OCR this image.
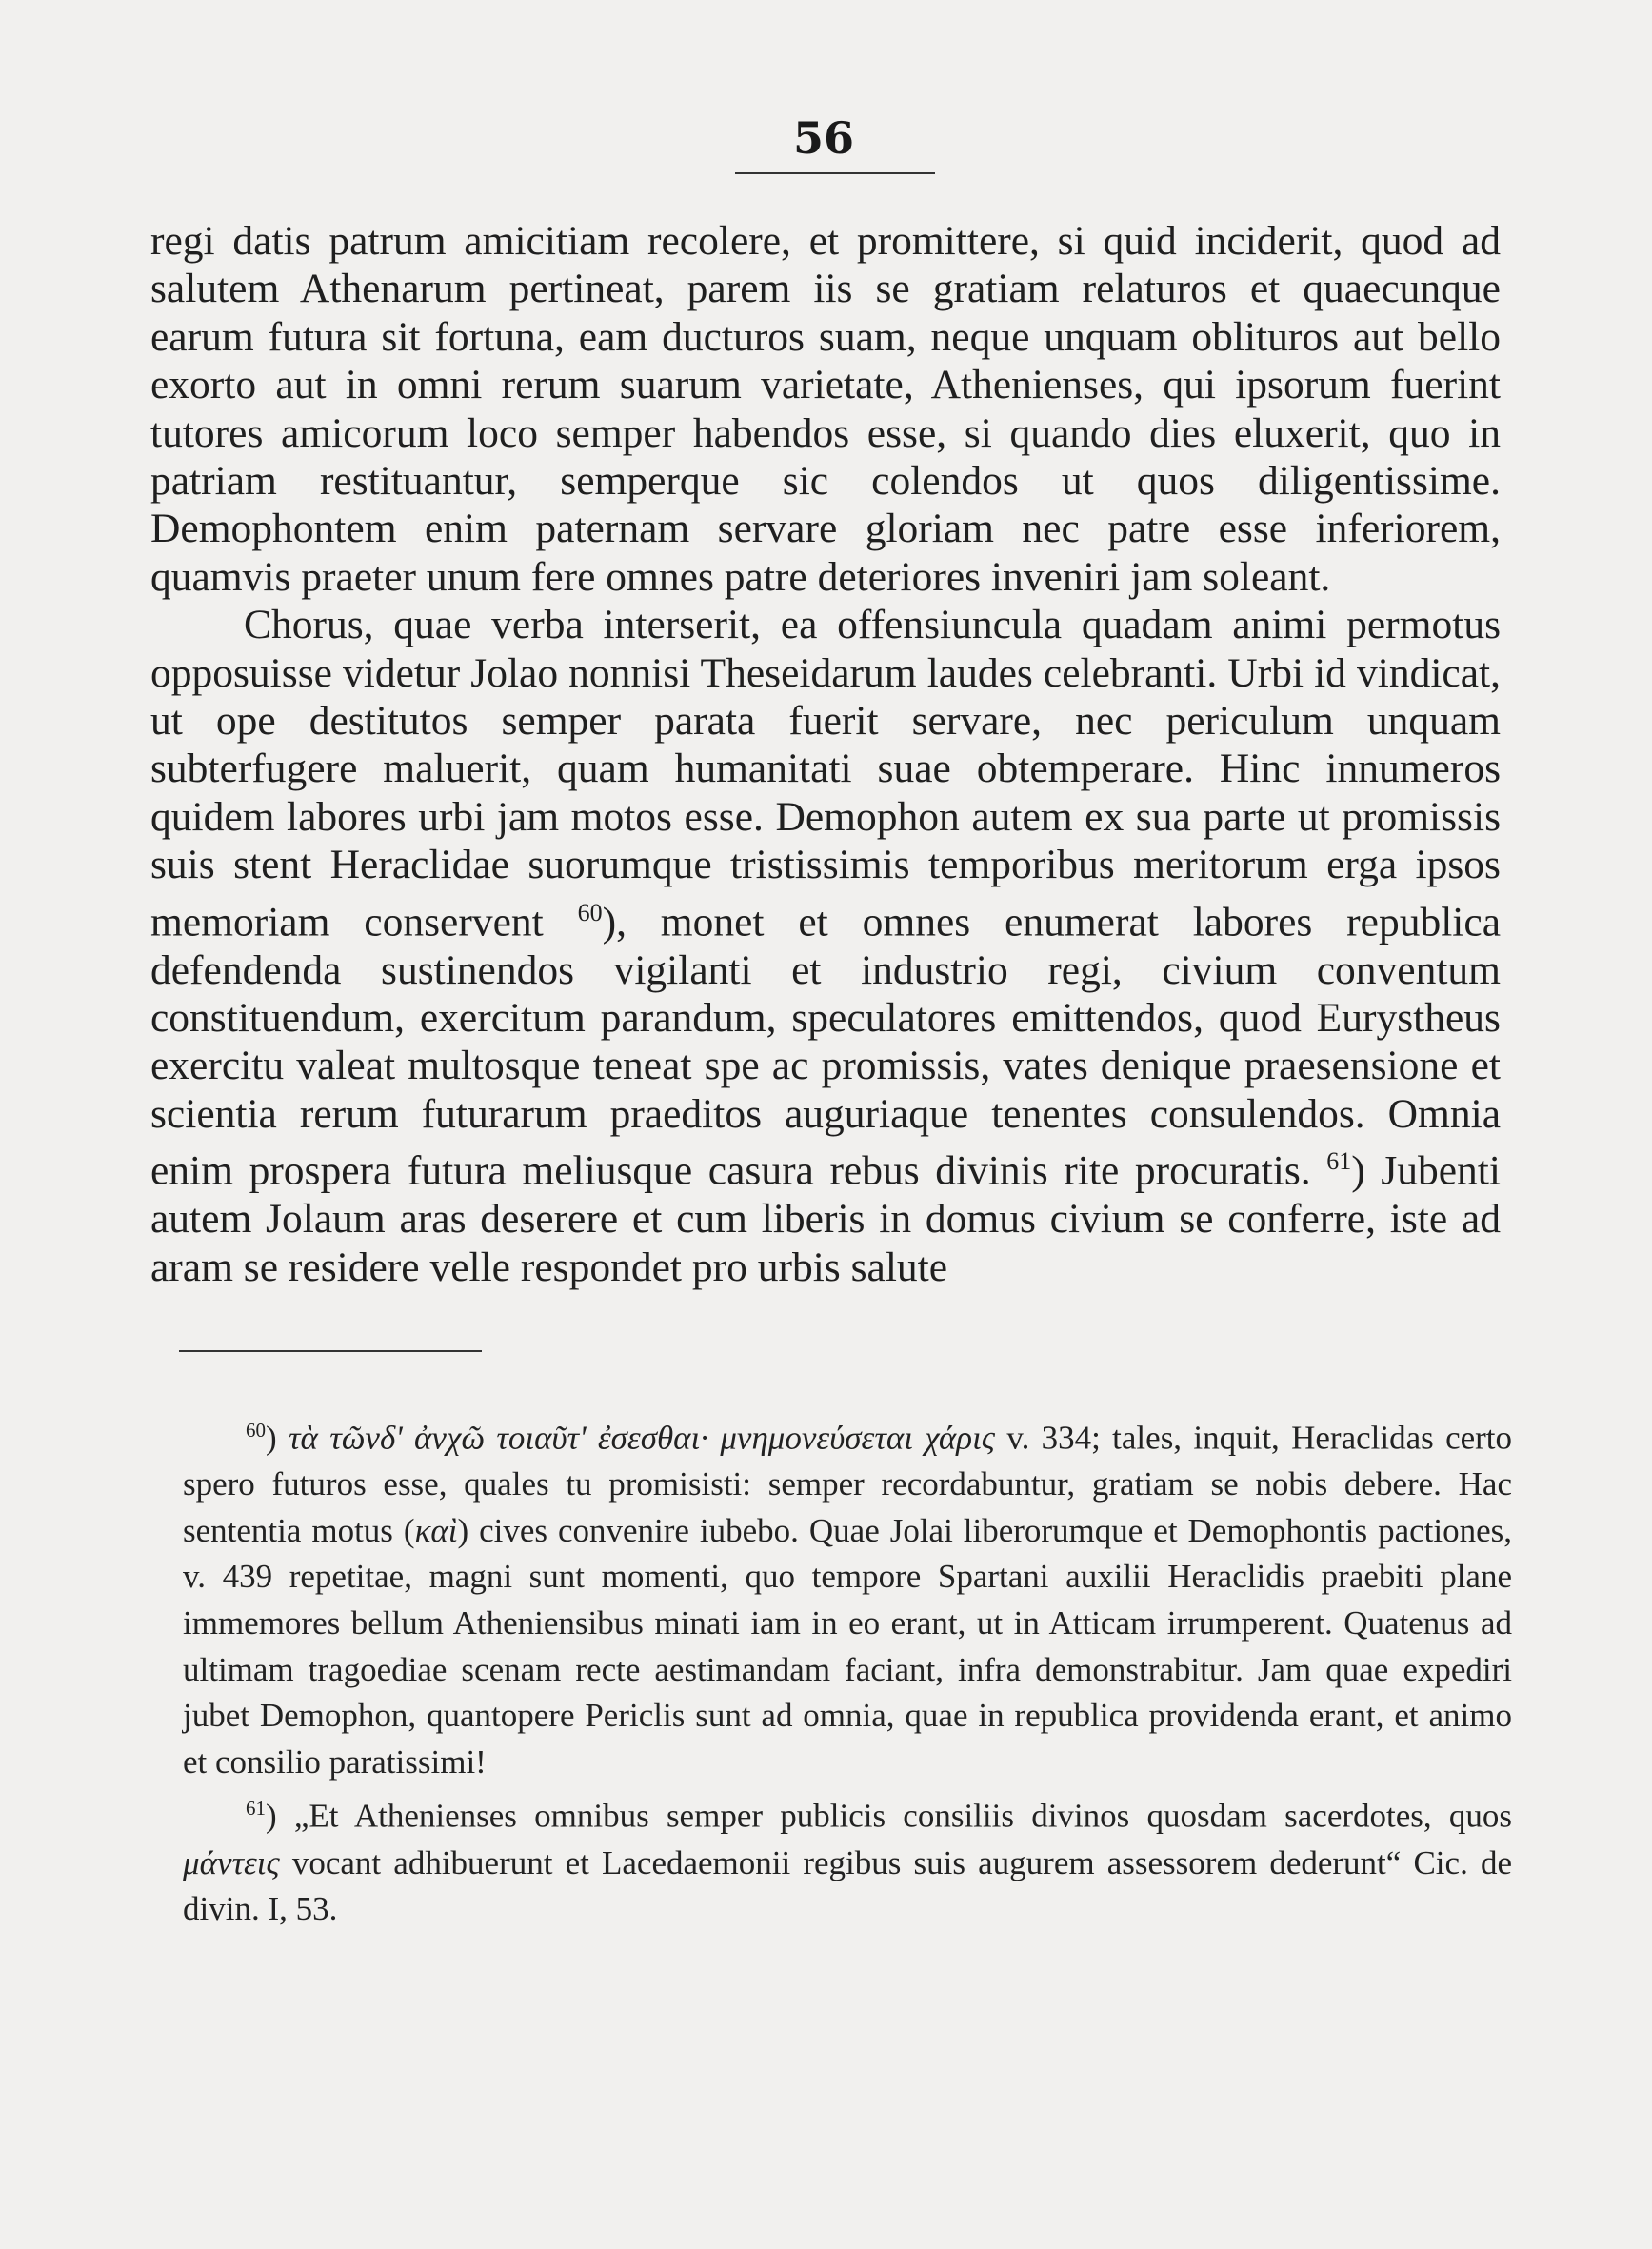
56

regi datis patrum amicitiam recolere, et promittere, si quid inciderit, quod ad salutem Athenarum pertineat, parem iis se gratiam relaturos et quaecunque earum futura sit fortuna, eam ducturos suam, neque unquam oblituros aut bello exorto aut in omni rerum suarum varietate, Athenienses, qui ipsorum fuerint tutores amicorum loco semper habendos esse, si quando dies eluxerit, quo in patriam restituantur, semperque sic colendos ut quos diligentissime. Demophontem enim paternam servare gloriam nec patre esse inferiorem, quamvis praeter unum fere omnes patre deteriores inveniri jam soleant.

Chorus, quae verba interserit, ea offensiuncula quadam animi permotus opposuisse videtur Jolao nonnisi Theseidarum laudes celebranti. Urbi id vindicat, ut ope destitutos semper parata fuerit servare, nec periculum unquam subterfugere maluerit, quam humanitati suae obtemperare. Hinc innumeros quidem labores urbi jam motos esse. Demophon autem ex sua parte ut promissis suis stent Heraclidae suorumque tristissimis temporibus meritorum erga ipsos memoriam conservent $^{60}$), monet et omnes enumerat labores republica defendenda sustinendos vigilanti et industrio regi, civium conventum constituendum, exercitum parandum, speculatores emittendos, quod Eurystheus exercitu valeat multosque teneat spe ac promissis, vates denique praesensione et scientia rerum futurarum praeditos auguriaque tenentes consulendos. Omnia enim prospera futura meliusque casura rebus divinis rite procuratis. $^{61}$) Jubenti autem Jolaum aras deserere et cum liberis in domus civium se conferre, iste ad aram se residere velle respondet pro urbis salute

$^{60}$) τὰ τῶνδ' ἀνχῶ τοιαῦτ' ἐσεσθαι· μνημονεύσεται χάρις v. 334; tales, inquit, Heraclidas certo spero futuros esse, quales tu promisisti: semper recordabuntur, gratiam se nobis debere. Hac sententia motus (καὶ) cives convenire iubebo. Quae Jolai liberorumque et Demophontis pactiones, v. 439 repetitae, magni sunt momenti, quo tempore Spartani auxilii Heraclidis praebiti plane immemores bellum Atheniensibus minati iam in eo erant, ut in Atticam irrumperent. Quatenus ad ultimam tragoediae scenam recte aestimandam faciant, infra demonstrabitur. Jam quae expediri jubet Demophon, quantopere Periclis sunt ad omnia, quae in republica providenda erant, et animo et consilio paratissimi!

$^{61}$) „Et Athenienses omnibus semper publicis consiliis divinos quosdam sacerdotes, quos μάντεις vocant adhibuerunt et Lacedaemonii regibus suis augurem assessorem dederunt“ Cic. de divin. I, 53.
